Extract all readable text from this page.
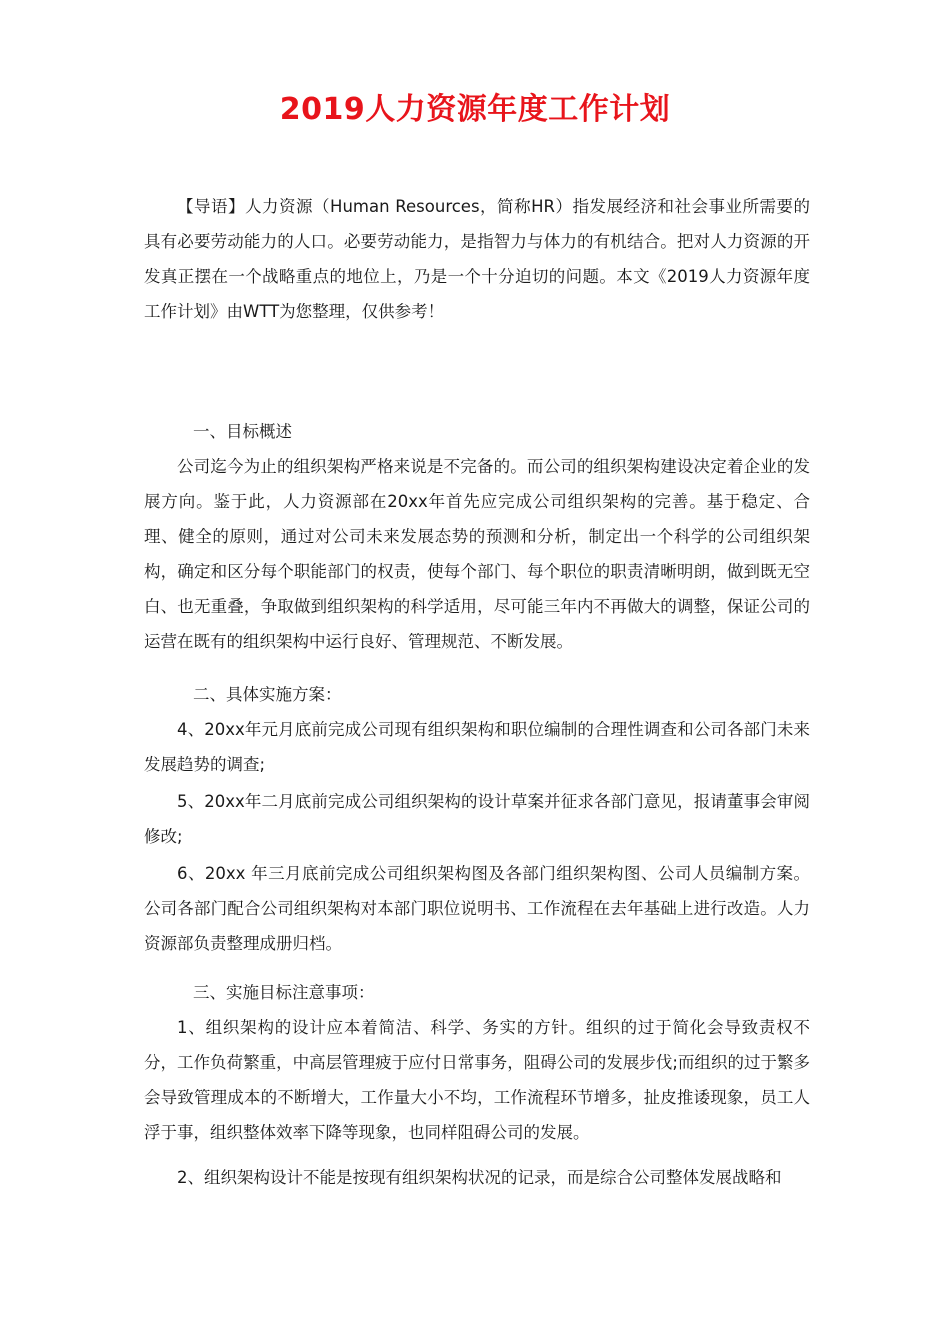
2019人力资源年度工作计划

【导语】人力资源（Human Resources，简称HR）指发展经济和社会事业所需要的具有必要劳动能力的人口。必要劳动能力，是指智力与体力的有机结合。把对人力资源的开发真正摆在一个战略重点的地位上，乃是一个十分迫切的问题。本文《2019人力资源年度工作计划》由WTT为您整理，仅供参考！

一、目标概述

公司迄今为止的组织架构严格来说是不完备的。而公司的组织架构建设决定着企业的发展方向。鉴于此，人力资源部在20xx年首先应完成公司组织架构的完善。基于稳定、合理、健全的原则，通过对公司未来发展态势的预测和分析，制定出一个科学的公司组织架构，确定和区分每个职能部门的权责，使每个部门、每个职位的职责清晰明朗，做到既无空白、也无重叠，争取做到组织架构的科学适用，尽可能三年内不再做大的调整，保证公司的运营在既有的组织架构中运行良好、管理规范、不断发展。

二、具体实施方案：

4、20xx年元月底前完成公司现有组织架构和职位编制的合理性调查和公司各部门未来发展趋势的调查;

5、20xx年二月底前完成公司组织架构的设计草案并征求各部门意见，报请董事会审阅修改;

6、20xx 年三月底前完成公司组织架构图及各部门组织架构图、公司人员编制方案。公司各部门配合公司组织架构对本部门职位说明书、工作流程在去年基础上进行改造。人力资源部负责整理成册归档。

三、实施目标注意事项：

1、组织架构的设计应本着简洁、科学、务实的方针。组织的过于简化会导致责权不分，工作负荷繁重，中高层管理疲于应付日常事务，阻碍公司的发展步伐;而组织的过于繁多会导致管理成本的不断增大，工作量大小不均，工作流程环节增多，扯皮推诿现象，员工人浮于事，组织整体效率下降等现象，也同样阻碍公司的发展。

2、组织架构设计不能是按现有组织架构状况的记录，而是综合公司整体发展战略和
